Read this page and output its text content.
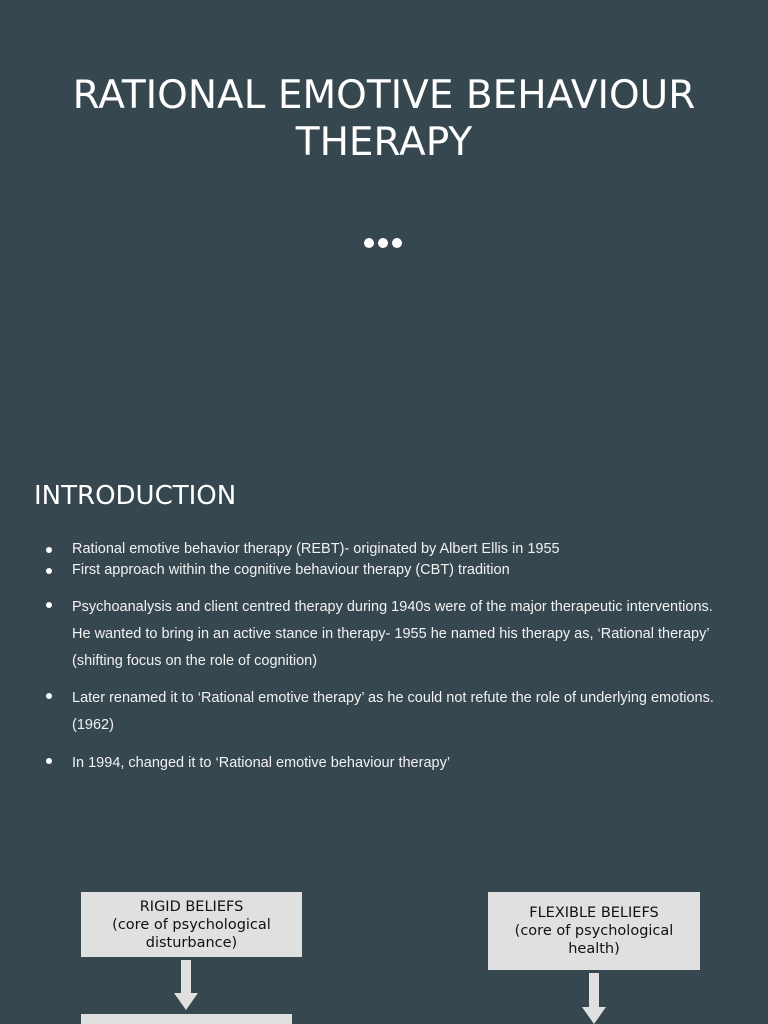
RATIONAL EMOTIVE BEHAVIOUR
THERAPY
INTRODUCTION
Rational emotive behavior therapy (REBT)- originated by Albert Ellis in 1955
First approach within the cognitive behaviour therapy (CBT) tradition
Psychoanalysis and client centred therapy during 1940s were of the major therapeutic interventions. He wanted to bring in an active stance in therapy- 1955 he named his therapy as, ‘Rational therapy’ (shifting focus on the role of cognition)
Later renamed it to ‘Rational emotive therapy’ as he could not refute the role of underlying emotions. (1962)
In 1994, changed it to ‘Rational emotive behaviour therapy’
RIGID BELIEFS
(core of psychological
disturbance)
FLEXIBLE BELIEFS
(core of psychological
health)
